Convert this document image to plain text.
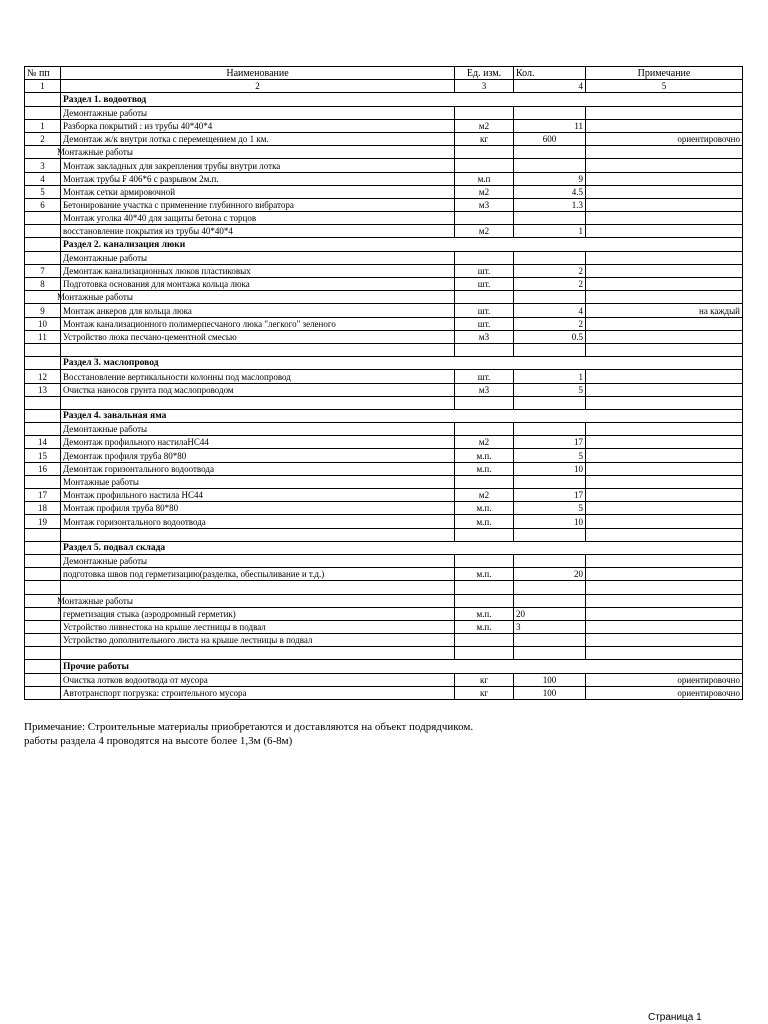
№ пп	Наименование	Ед. изм.	Кол.	Примечание
1	2	3	4	5
	Раздел 1. водоотвод
	Демонтажные работы			
1	Разборка покрытий : из трубы 40*40*4	м2	11	
2	Демонтаж ж/к внутри лотка с перемещением до 1 км.	кг	600	ориентировочно
	Монтажные работы			
3	Монтаж закладных для закрепления трубы внутри лотка			
4	Монтаж трубы ₣ 406*6 с разрывом 2м.п.	м.п	9	
5	Монтаж сетки армировочной	м2	4.5	
6	Бетонирование участка с применение глубинного вибратора	м3	1.3	
	Монтаж уголка 40*40 для защиты бетона с торцов			
	восстановление покрытия из трубы 40*40*4	м2	1	
	Раздел 2. канализация люки
	Демонтажные работы			
7	Демонтаж канализационных люков пластиковых	шт.	2	
8	Подготовка основания для монтажа кольца люка	шт.	2	
	Монтажные работы			
9	Монтаж анкеров для кольца люка	шт.	4	на каждый
10	Монтаж канализационного полимерпесчаного люка "легкого" зеленого	шт.	2	
11	Устройство люка песчано-цементной смесью	м3	0.5	

	Раздел 3. маслопровод
12	Восстановление вертикальности колонны под маслопровод	шт.	1	
13	Очистка наносов грунта под маслопроводом	м3	5	

	Раздел 4. завальная яма
	Демонтажные работы			
14	Демонтаж профильного настилаНС44	м2	17	
15	Демонтаж профиля труба 80*80	м.п.	5	
16	Демонтаж горизонтального водоотвода	м.п.	10	
	Монтажные работы			
17	Монтаж профильного настила НС44	м2	17	
18	Монтаж профиля труба 80*80	м.п.	5	
19	Монтаж горизонтального водоотвода	м.п.	10	

	Раздел 5. подвал склада
	Демонтажные работы			
	подготовка швов под герметизацию(разделка, обеспыливание и т.д.)	м.п.	20	

	Монтажные работы			
	герметизация стыка (аэродромный герметик)	м.п.	20	
	Устройство ливнестока на крыше лестницы в подвал	м.п.	3	
	Устройство дополнительного листа на крыше лестницы в подвал			

	Прочие работы
	Очистка лотков водоотвода от мусора	кг	100	ориентировочно
	Автотранспорт погрузка: строительного мусора	кг	100	ориентировочно
Примечание: Строительные материалы приобретаются и доставляются на объект подрядчиком.
работы раздела 4 проводятся на высоте более 1,3м (6-8м)
Страница 1
